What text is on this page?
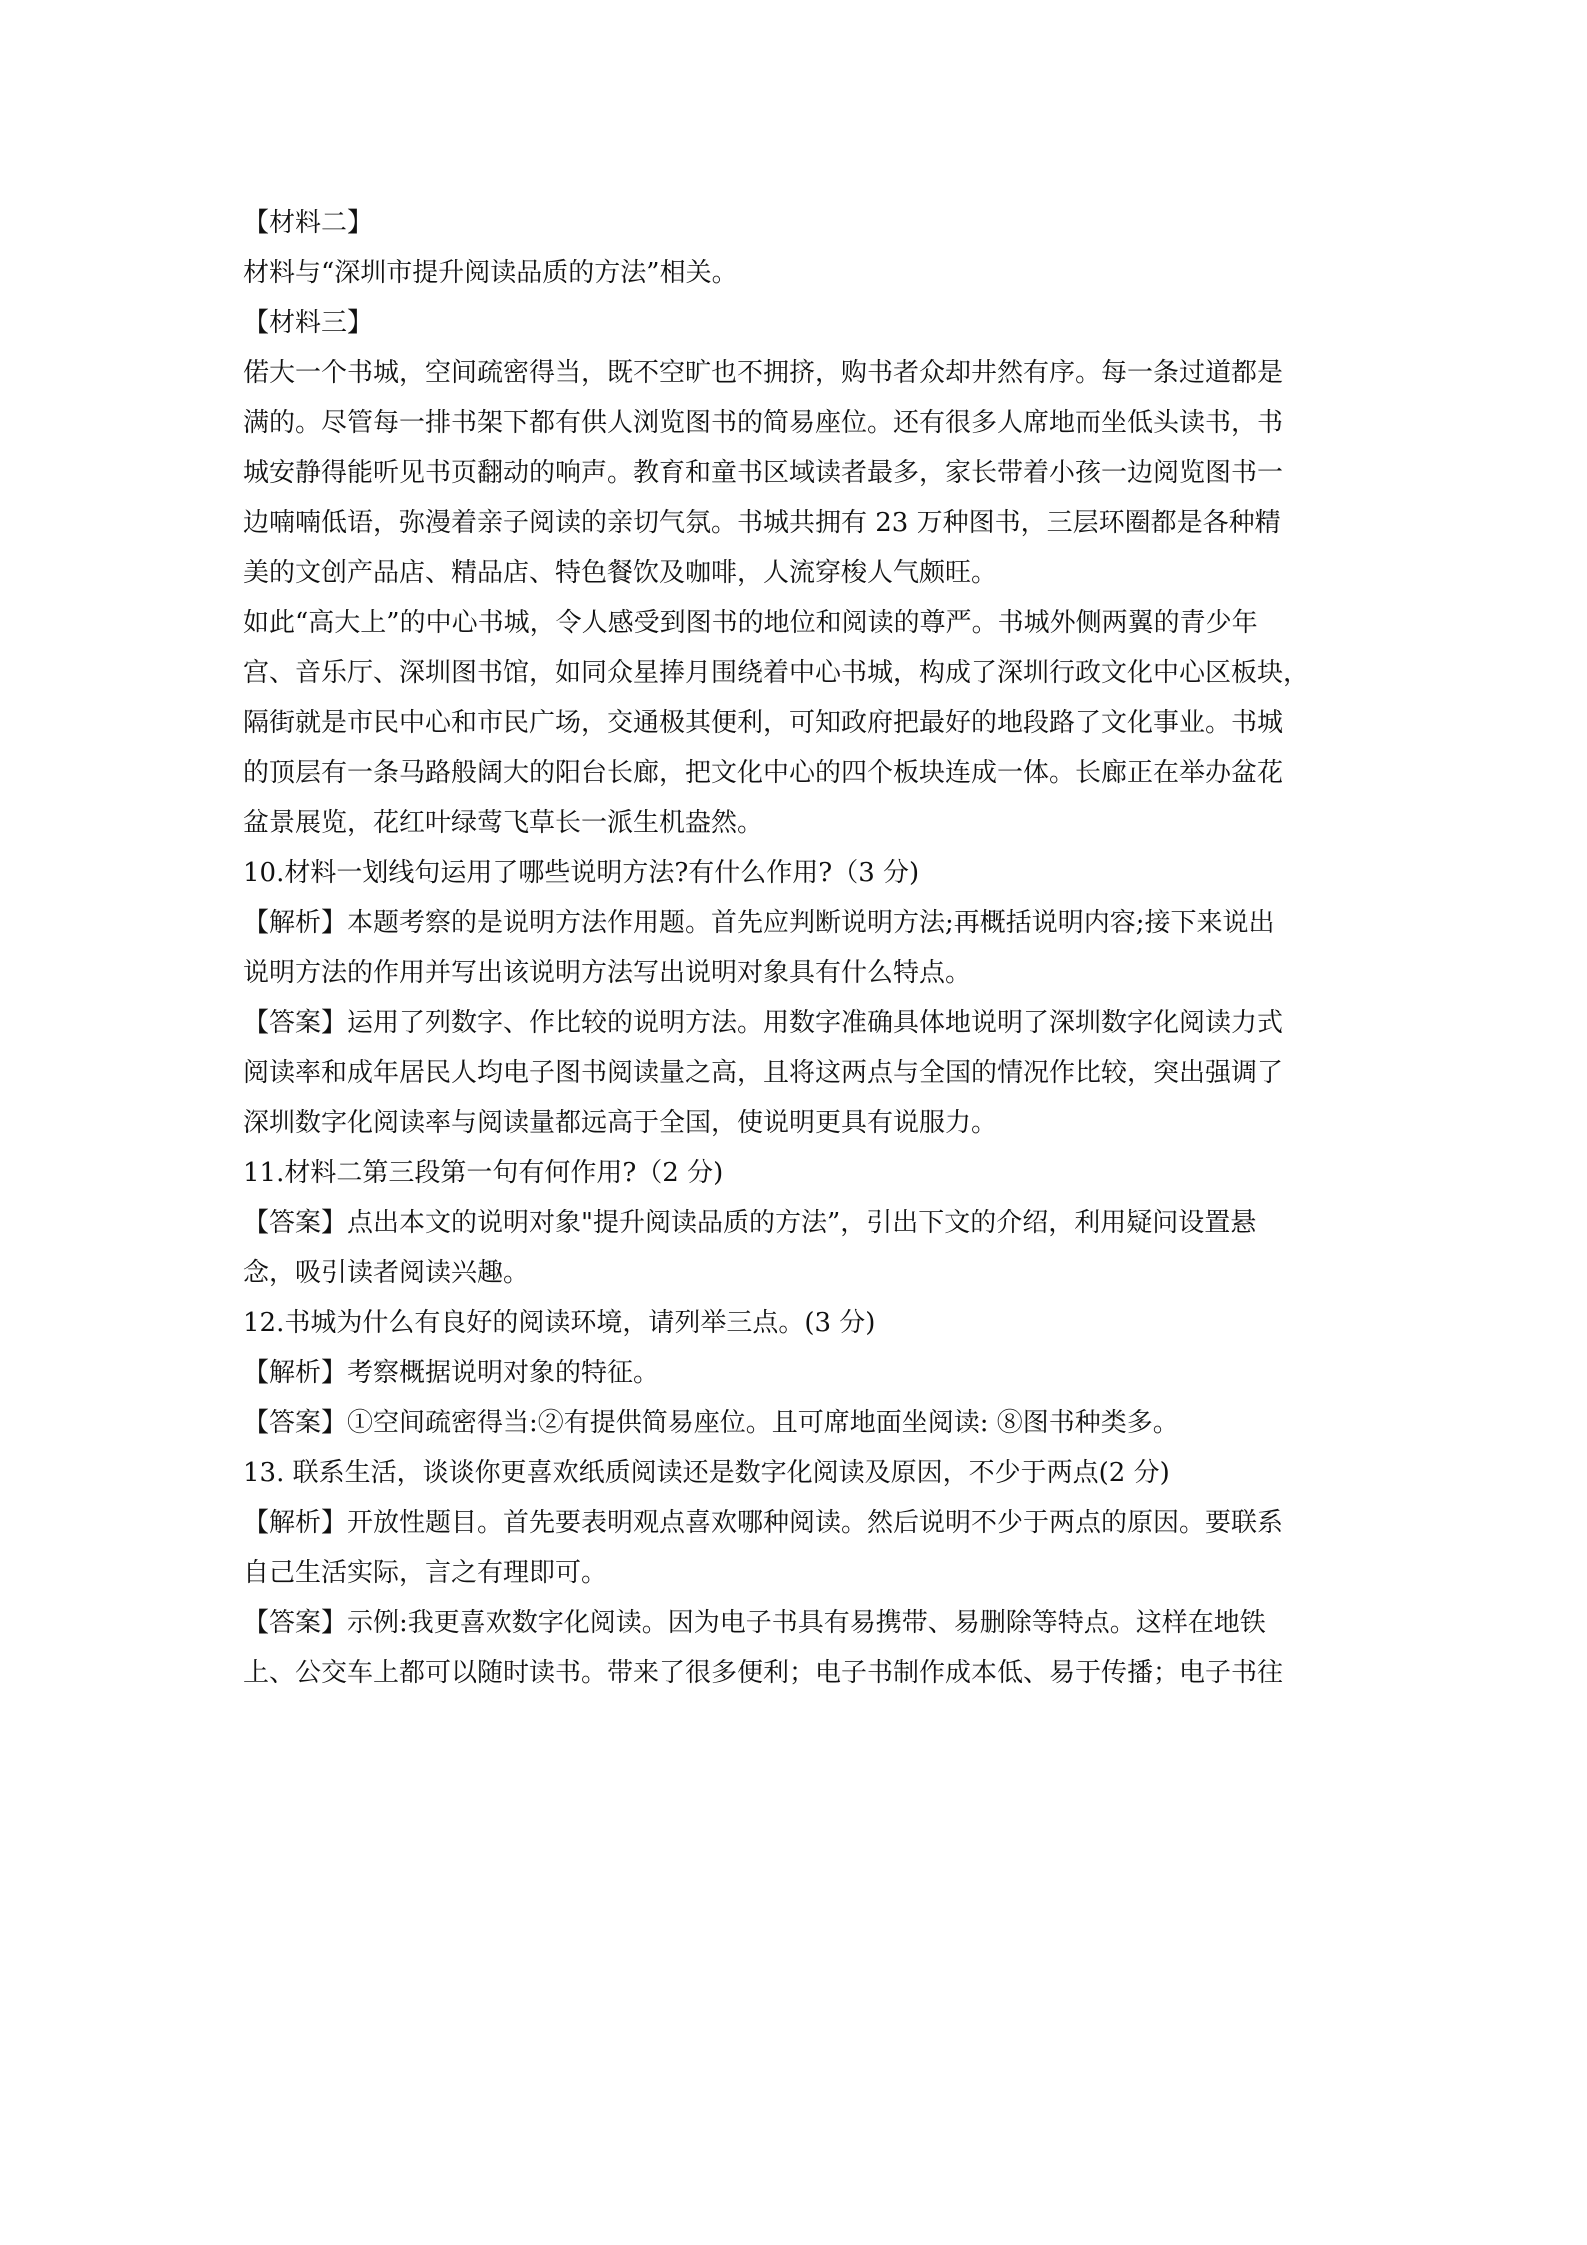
【材料二】
材料与“深圳市提升阅读品质的方法”相关。
【材料三】
偌大一个书城，空间疏密得当，既不空旷也不拥挤，购书者众却井然有序。每一条过道都是
满的。尽管每一排书架下都有供人浏览图书的简易座位。还有很多人席地而坐低头读书，书
城安静得能听见书页翻动的响声。教育和童书区域读者最多，家长带着小孩一边阅览图书一
边喃喃低语，弥漫着亲子阅读的亲切气氛。书城共拥有 23 万种图书，三层环圈都是各种精
美的文创产品店、精品店、特色餐饮及咖啡，人流穿梭人气颇旺。
如此“高大上”的中心书城，令人感受到图书的地位和阅读的尊严。书城外侧两翼的青少年
宫、音乐厅、深圳图书馆，如同众星捧月围绕着中心书城，构成了深圳行政文化中心区板块，
隔街就是市民中心和市民广场，交通极其便利，可知政府把最好的地段路了文化事业。书城
的顶层有一条马路般阔大的阳台长廊，把文化中心的四个板块连成一体。长廊正在举办盆花
盆景展览，花红叶绿莺飞草长一派生机盎然。
10.材料一划线句运用了哪些说明方法?有什么作用?（3 分)
【解析】本题考察的是说明方法作用题。首先应判断说明方法;再概括说明内容;接下来说出
说明方法的作用并写出该说明方法写出说明对象具有什么特点。
【答案】运用了列数字、作比较的说明方法。用数字准确具体地说明了深圳数字化阅读力式
阅读率和成年居民人均电子图书阅读量之高，且将这两点与全国的情况作比较，突出强调了
深圳数字化阅读率与阅读量都远高于全国，使说明更具有说服力。
11.材料二第三段第一句有何作用?（2 分)
【答案】点出本文的说明对象"提升阅读品质的方法”，引出下文的介绍，利用疑问设置悬
念，吸引读者阅读兴趣。
12.书城为什么有良好的阅读环境，请列举三点。(3 分)
【解析】考察概据说明对象的特征。
【答案】①空间疏密得当:②有提供简易座位。且可席地面坐阅读: ⑧图书种类多。
13. 联系生活，谈谈你更喜欢纸质阅读还是数字化阅读及原因，不少于两点(2 分)
【解析】开放性题目。首先要表明观点喜欢哪种阅读。然后说明不少于两点的原因。要联系
自己生活实际，言之有理即可。
【答案】示例:我更喜欢数字化阅读。因为电子书具有易携带、易删除等特点。这样在地铁
上、公交车上都可以随时读书。带来了很多便利；电子书制作成本低、易于传播；电子书往
